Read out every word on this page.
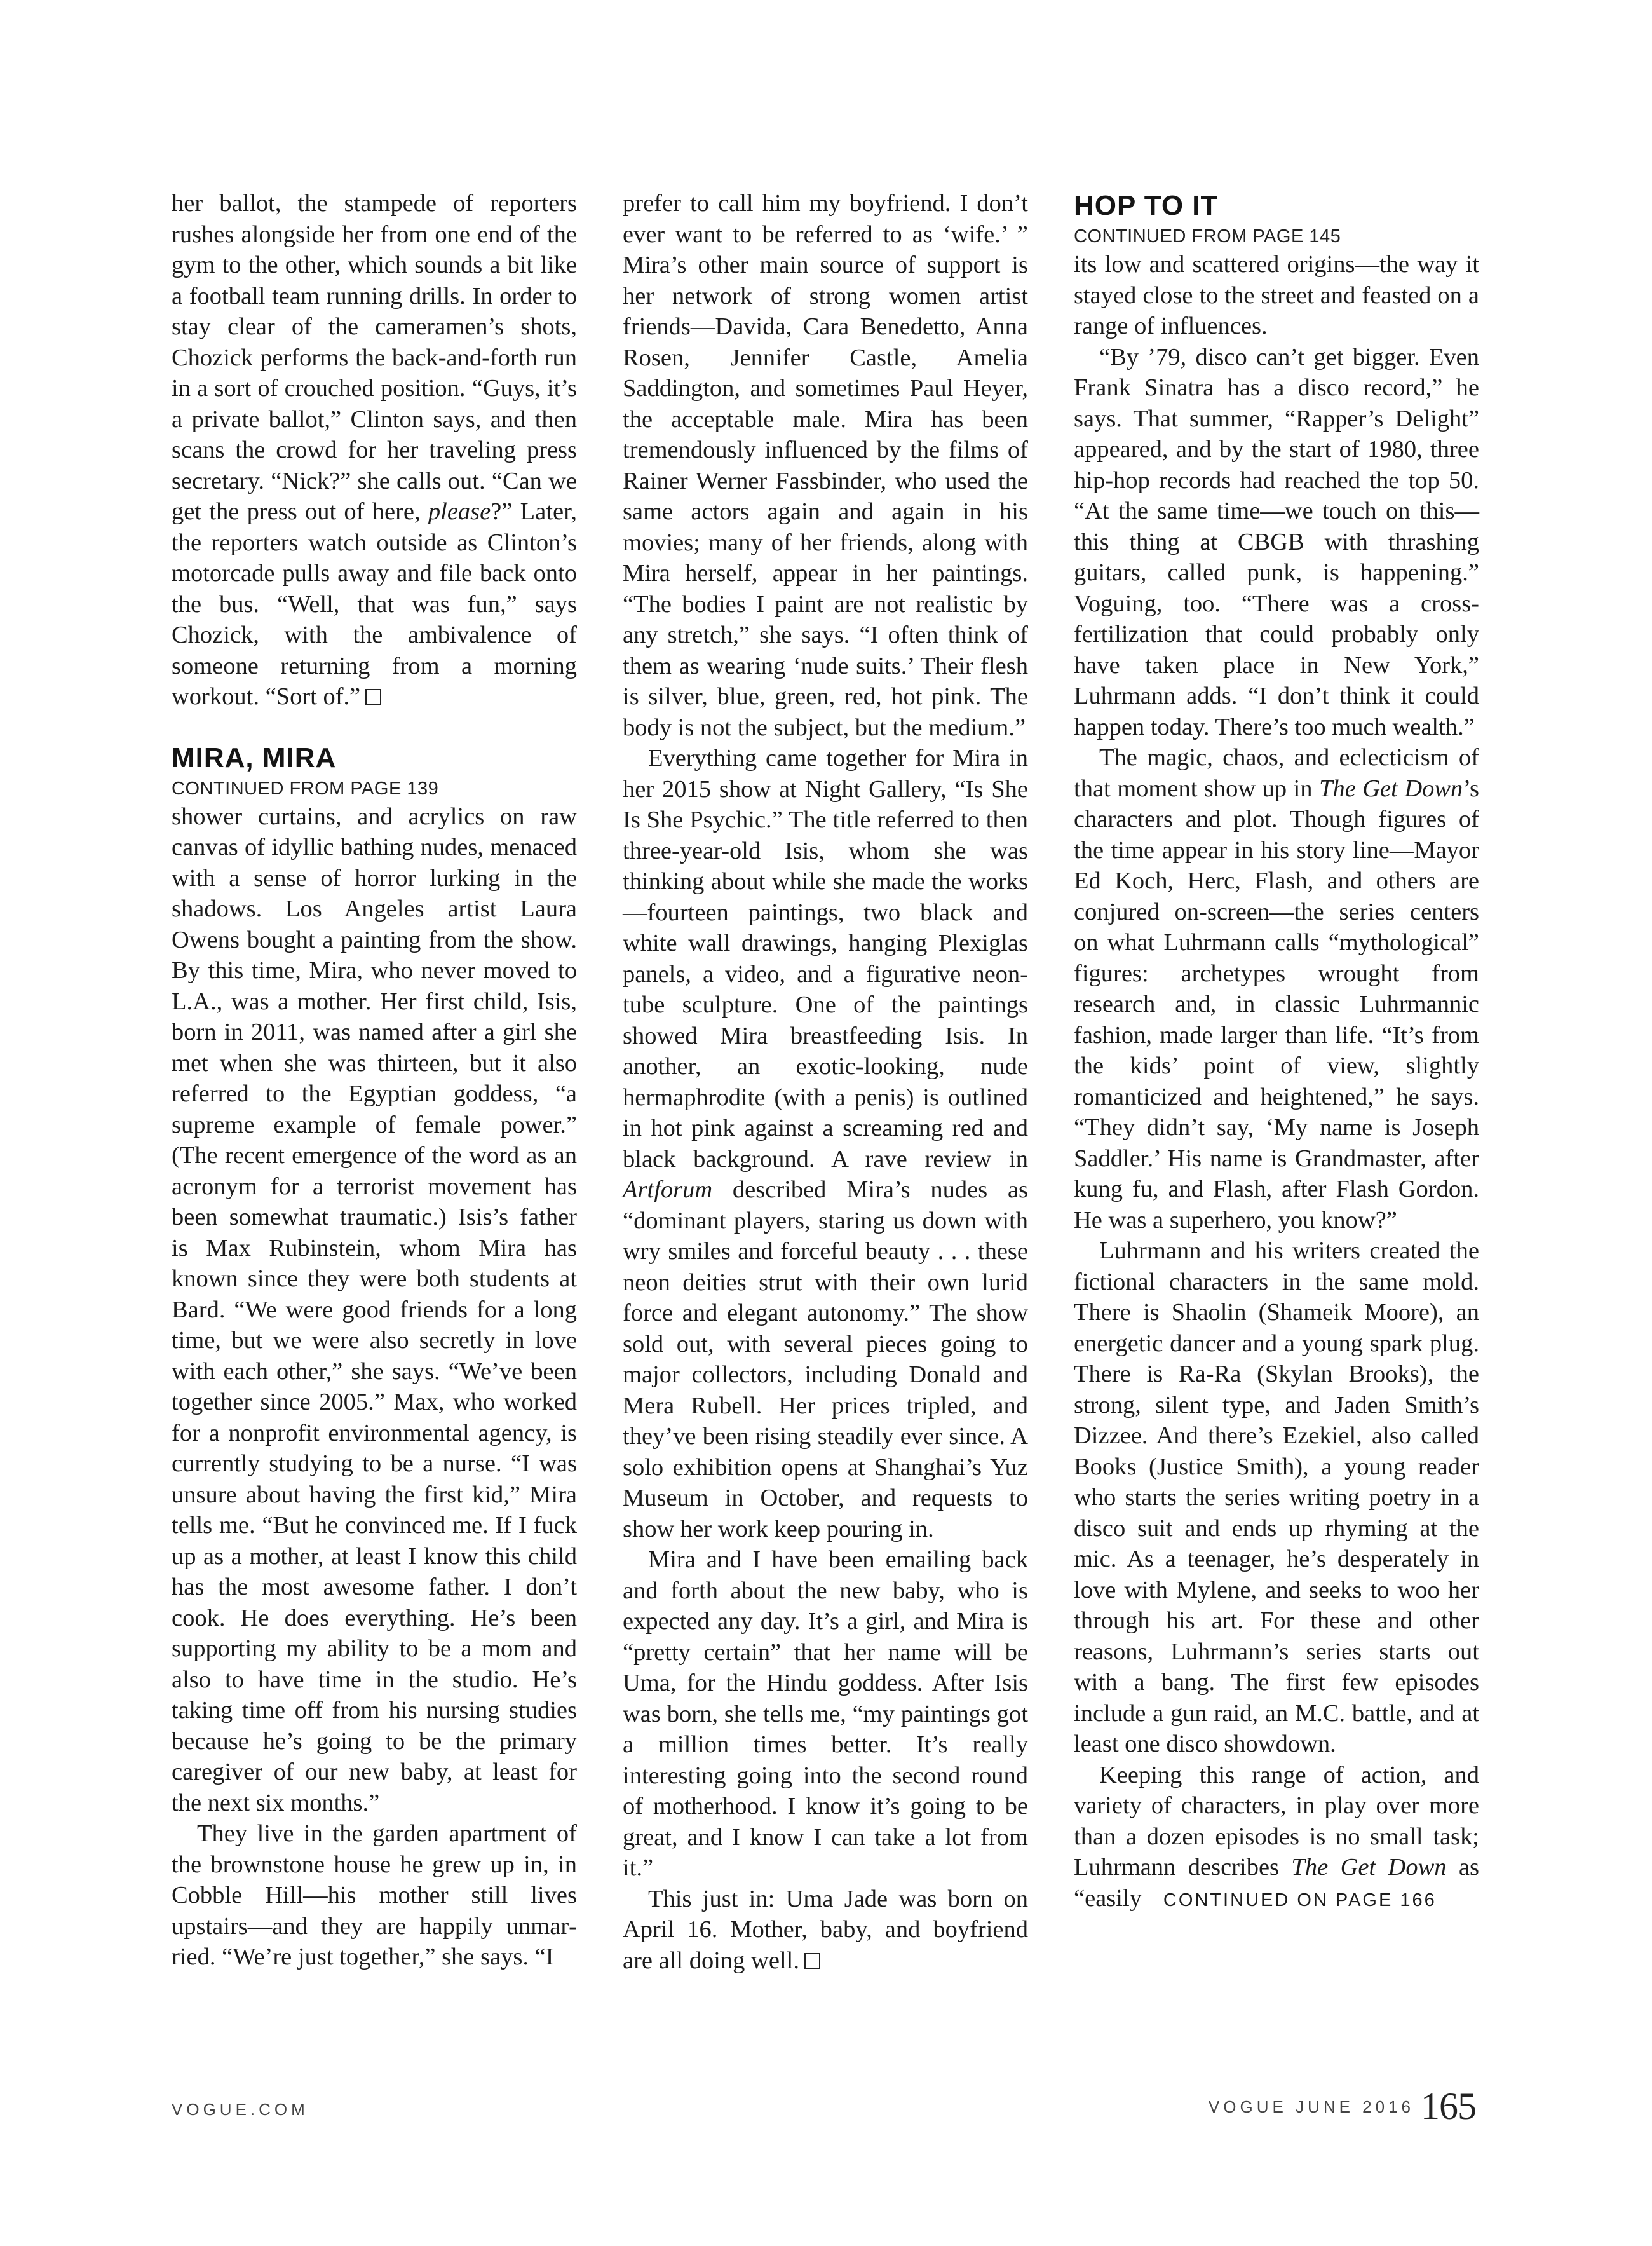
her ballot, the stampede of reporters rushes alongside her from one end of the gym to the other, which sounds a bit like a football team running drills. In order to stay clear of the cameramen’s shots, Chozick performs the back-and-forth run in a sort of crouched position. “Guys, it’s a private ballot,” Clinton says, and then scans the crowd for her traveling press secretary. “Nick?” she calls out. “Can we get the press out of here, please?” Later, the reporters watch outside as Clinton’s motorcade pulls away and file back onto the bus. “Well, that was fun,” says Chozick, with the ambivalence of someone returning from a morning workout. “Sort of.”

MIRA, MIRA
CONTINUED FROM PAGE 139

shower curtains, and acrylics on raw canvas of idyllic bathing nudes, menaced with a sense of horror lurking in the shadows. Los Angeles artist Laura Owens bought a painting from the show. By this time, Mira, who never moved to L.A., was a mother. Her first child, Isis, born in 2011, was named after a girl she met when she was thirteen, but it also referred to the Egyptian goddess, “a supreme example of female power.” (The recent emergence of the word as an acronym for a terrorist movement has been somewhat traumatic.) Isis’s father is Max Rubinstein, whom Mira has known since they were both students at Bard. “We were good friends for a long time, but we were also secretly in love with each other,” she says. “We’ve been together since 2005.” Max, who worked for a nonprofit environmental agency, is currently studying to be a nurse. “I was unsure about having the first kid,” Mira tells me. “But he convinced me. If I fuck up as a mother, at least I know this child has the most awesome father. I don’t cook. He does everything. He’s been supporting my ability to be a mom and also to have time in the studio. He’s taking time off from his nursing studies because he’s going to be the primary caregiver of our new baby, at least for the next six months.”

They live in the garden apartment of the brownstone house he grew up in, in Cobble Hill—his mother still lives upstairs—and they are happily unmarried. “We’re just together,” she says. “I

prefer to call him my boyfriend. I don’t ever want to be referred to as ‘wife.’ ” Mira’s other main source of support is her network of strong women artist friends—Davida, Cara Benedetto, Anna Rosen, Jennifer Castle, Amelia Saddington, and sometimes Paul Heyer, the acceptable male. Mira has been tremendously influenced by the films of Rainer Werner Fassbinder, who used the same actors again and again in his movies; many of her friends, along with Mira herself, appear in her paintings. “The bodies I paint are not realistic by any stretch,” she says. “I often think of them as wearing ‘nude suits.’ Their flesh is silver, blue, green, red, hot pink. The body is not the subject, but the medium.”

Everything came together for Mira in her 2015 show at Night Gallery, “Is She Is She Psychic.” The title referred to then three-year-old Isis, whom she was thinking about while she made the works—fourteen paintings, two black and white wall drawings, hanging Plexiglas panels, a video, and a figurative neon-tube sculpture. One of the paintings showed Mira breastfeeding Isis. In another, an exotic-looking, nude hermaphrodite (with a penis) is outlined in hot pink against a screaming red and black background. A rave review in Artforum described Mira’s nudes as “dominant players, staring us down with wry smiles and forceful beauty . . . these neon deities strut with their own lurid force and elegant autonomy.” The show sold out, with several pieces going to major collectors, including Donald and Mera Rubell. Her prices tripled, and they’ve been rising steadily ever since. A solo exhibition opens at Shanghai’s Yuz Museum in October, and requests to show her work keep pouring in.

Mira and I have been emailing back and forth about the new baby, who is expected any day. It’s a girl, and Mira is “pretty certain” that her name will be Uma, for the Hindu goddess. After Isis was born, she tells me, “my paintings got a million times better. It’s really interesting going into the second round of motherhood. I know it’s going to be great, and I know I can take a lot from it.”

This just in: Uma Jade was born on April 16. Mother, baby, and boyfriend are all doing well.

HOP TO IT
CONTINUED FROM PAGE 145

its low and scattered origins—the way it stayed close to the street and feasted on a range of influences.

“By ’79, disco can’t get bigger. Even Frank Sinatra has a disco record,” he says. That summer, “Rapper’s Delight” appeared, and by the start of 1980, three hip-hop records had reached the top 50. “At the same time—we touch on this—this thing at CBGB with thrashing guitars, called punk, is happening.” Voguing, too. “There was a cross-fertilization that could probably only have taken place in New York,” Luhrmann adds. “I don’t think it could happen today. There’s too much wealth.”

The magic, chaos, and eclecticism of that moment show up in The Get Down’s characters and plot. Though figures of the time appear in his story line—Mayor Ed Koch, Herc, Flash, and others are conjured on-screen—the series centers on what Luhrmann calls “mythological” figures: archetypes wrought from research and, in classic Luhrmannic fashion, made larger than life. “It’s from the kids’ point of view, slightly romanticized and heightened,” he says. “They didn’t say, ‘My name is Joseph Saddler.’ His name is Grandmaster, after kung fu, and Flash, after Flash Gordon. He was a superhero, you know?”

Luhrmann and his writers created the fictional characters in the same mold. There is Shaolin (Shameik Moore), an energetic dancer and a young spark plug. There is Ra-Ra (Skylan Brooks), the strong, silent type, and Jaden Smith’s Dizzee. And there’s Ezekiel, also called Books (Justice Smith), a young reader who starts the series writing poetry in a disco suit and ends up rhyming at the mic. As a teenager, he’s desperately in love with Mylene, and seeks to woo her through his art. For these and other reasons, Luhrmann’s series starts out with a bang. The first few episodes include a gun raid, an M.C. battle, and at least one disco showdown.

Keeping this range of action, and variety of characters, in play over more than a dozen episodes is no small task; Luhrmann describes The Get Down as “easily CONTINUED ON PAGE 166

VOGUE.COM	VOGUE JUNE 2016 165
